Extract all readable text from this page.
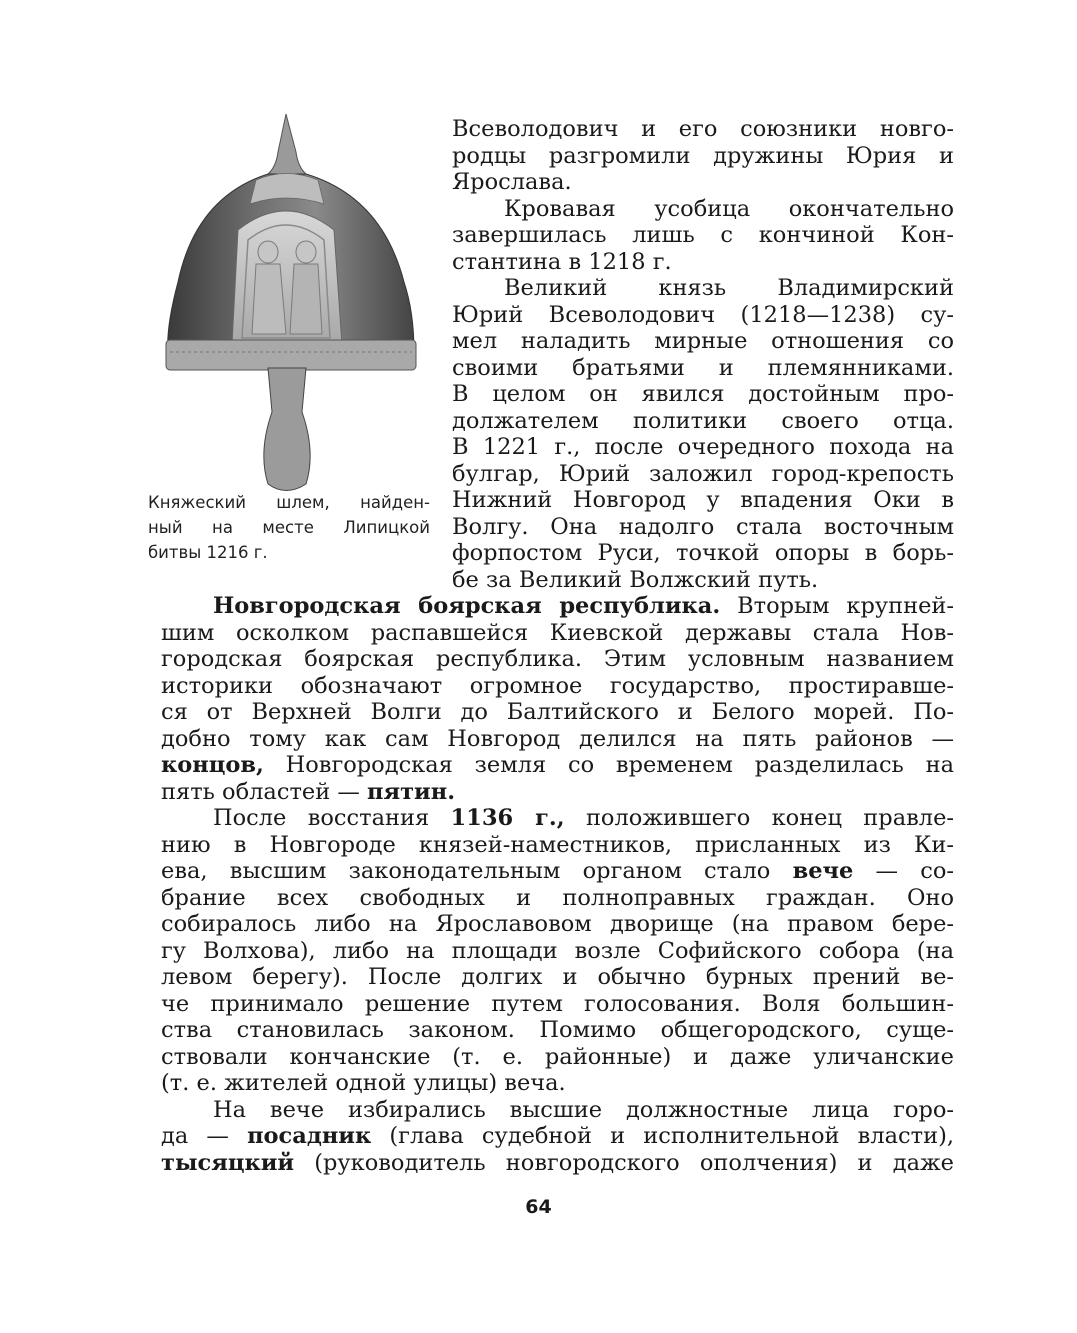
Княжеский шлем, найден-
ный на месте Липицкой
битвы 1216 г.
Всеволодович и его союзники новго-
родцы разгромили дружины Юрия и
Ярослава.
Кровавая усобица окончательно
завершилась лишь с кончиной Кон-
стантина в 1218 г.
Великий князь Владимирский
Юрий Всеволодович (1218—1238) су-
мел наладить мирные отношения со
своими братьями и племянниками.
В целом он явился достойным про-
должателем политики своего отца.
В 1221 г., после очередного похода на
булгар, Юрий заложил город-крепость
Нижний Новгород у впадения Оки в
Волгу. Она надолго стала восточным
форпостом Руси, точкой опоры в борь-
бе за Великий Волжский путь.
Новгородская боярская республика. Вторым крупней-
шим осколком распавшейся Киевской державы стала Нов-
городская боярская республика. Этим условным названием
историки обозначают огромное государство, простиравше-
ся от Верхней Волги до Балтийского и Белого морей. По-
добно тому как сам Новгород делился на пять районов —
концов, Новгородская земля со временем разделилась на
пять областей — пятин.
После восстания 1136 г., положившего конец правле-
нию в Новгороде князей-наместников, присланных из Ки-
ева, высшим законодательным органом стало вече — со-
брание всех свободных и полноправных граждан. Оно
собиралось либо на Ярославовом дворище (на правом бере-
гу Волхова), либо на площади возле Софийского собора (на
левом берегу). После долгих и обычно бурных прений ве-
че принимало решение путем голосования. Воля большин-
ства становилась законом. Помимо общегородского, суще-
ствовали кончанские (т. е. районные) и даже уличанские
(т. е. жителей одной улицы) веча.
На вече избирались высшие должностные лица горо-
да — посадник (глава судебной и исполнительной власти),
тысяцкий (руководитель новгородского ополчения) и даже
64
